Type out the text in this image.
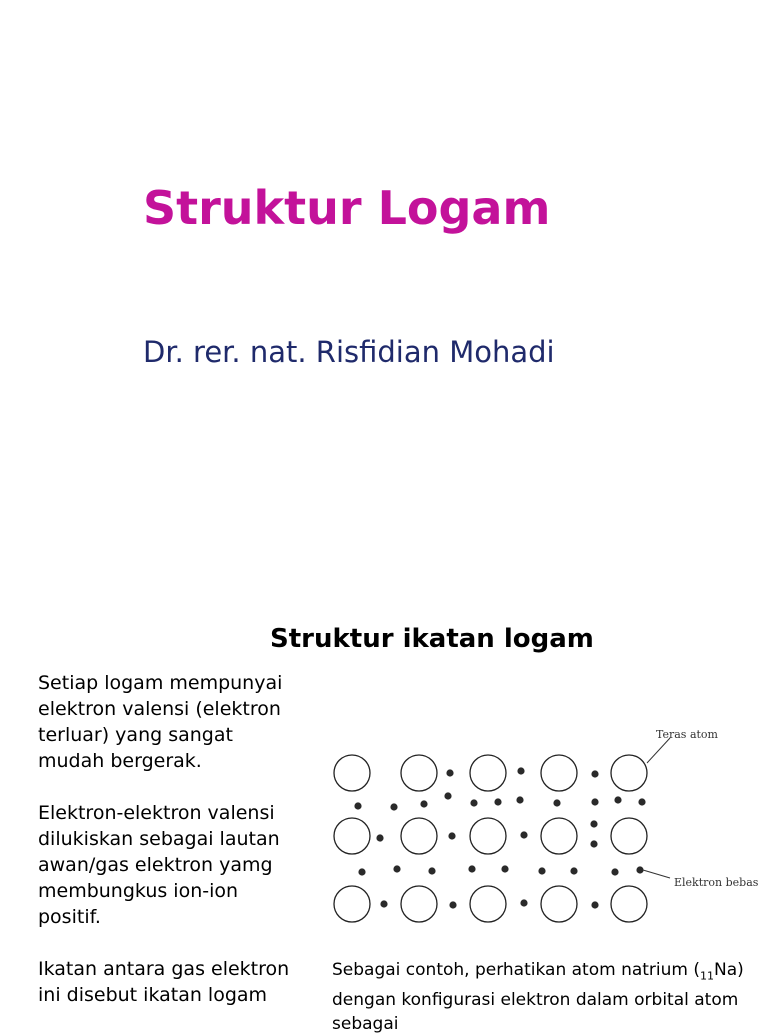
Struktur Logam

Dr. rer. nat. Risfidian Mohadi

Struktur ikatan logam

Setiap logam mempunyai
elektron valensi (elektron
terluar) yang sangat
mudah bergerak.

Elektron-elektron valensi
dilukiskan sebagai lautan
awan/gas elektron yamg
membungkus ion-ion
positif.

Ikatan antara gas elektron
ini disebut ikatan logam

Teras atom
Elektron bebas

Sebagai contoh, perhatikan atom natrium $(_{11}Na)$ dengan konfigurasi elektron dalam orbital atom sebagai
